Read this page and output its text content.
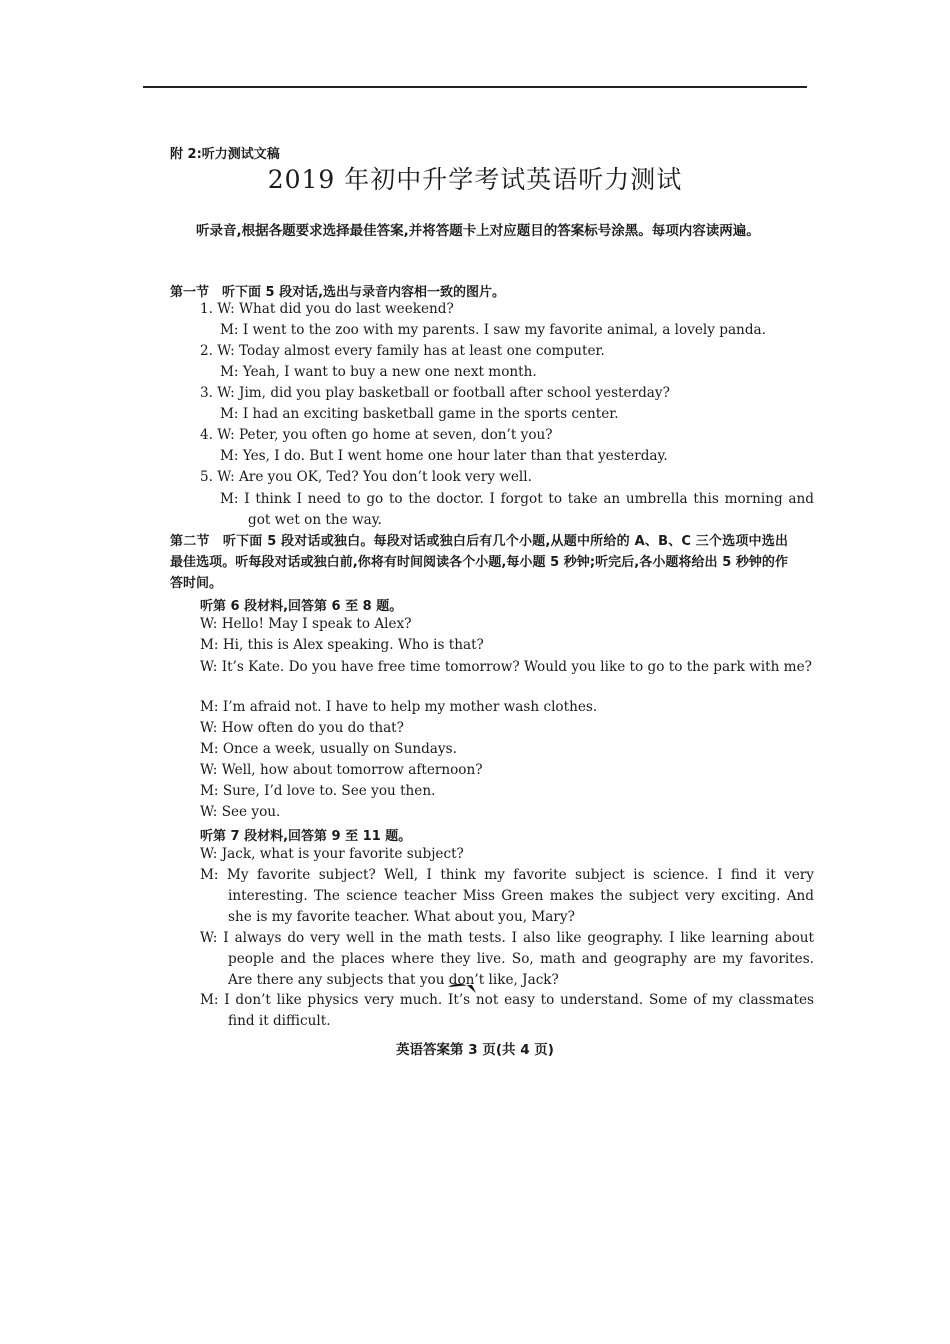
附 2:听力测试文稿
2019 年初中升学考试英语听力测试
听录音,根据各题要求选择最佳答案,并将答题卡上对应题目的答案标号涂黑。每项内容读两遍。
第一节　听下面 5 段对话,选出与录音内容相一致的图片。
1. W: What did you do last weekend?
M: I went to the zoo with my parents. I saw my favorite animal, a lovely panda.
2. W: Today almost every family has at least one computer.
M: Yeah, I want to buy a new one next month.
3. W: Jim, did you play basketball or football after school yesterday?
M: I had an exciting basketball game in the sports center.
4. W: Peter, you often go home at seven, don’t you?
M: Yes, I do. But I went home one hour later than that yesterday.
5. W: Are you OK, Ted? You don’t look very well.
M: I think I need to go to the doctor. I forgot to take an umbrella this morning and got wet on the way.
第二节　听下面 5 段对话或独白。每段对话或独白后有几个小题,从题中所给的 A、B、C 三个选项中选出最佳选项。听每段对话或独白前,你将有时间阅读各个小题,每小题 5 秒钟;听完后,各小题将给出 5 秒钟的作答时间。
听第 6 段材料,回答第 6 至 8 题。
W: Hello! May I speak to Alex?
M: Hi, this is Alex speaking. Who is that?
W: It’s Kate. Do you have free time tomorrow? Would you like to go to the park with me?
M: I’m afraid not. I have to help my mother wash clothes.
W: How often do you do that?
M: Once a week, usually on Sundays.
W: Well, how about tomorrow afternoon?
M: Sure, I’d love to. See you then.
W: See you.
听第 7 段材料,回答第 9 至 11 题。
W: Jack, what is your favorite subject?
M: My favorite subject? Well, I think my favorite subject is science. I find it very interesting. The science teacher Miss Green makes the subject very exciting. And she is my favorite teacher. What about you, Mary?
W: I always do very well in the math tests. I also like geography. I like learning about people and the places where they live. So, math and geography are my favorites. Are there any subjects that you don’t like, Jack?
M: I don’t like physics very much. It’s not easy to understand. Some of my classmates find it difficult.
英语答案第 3 页(共 4 页)
